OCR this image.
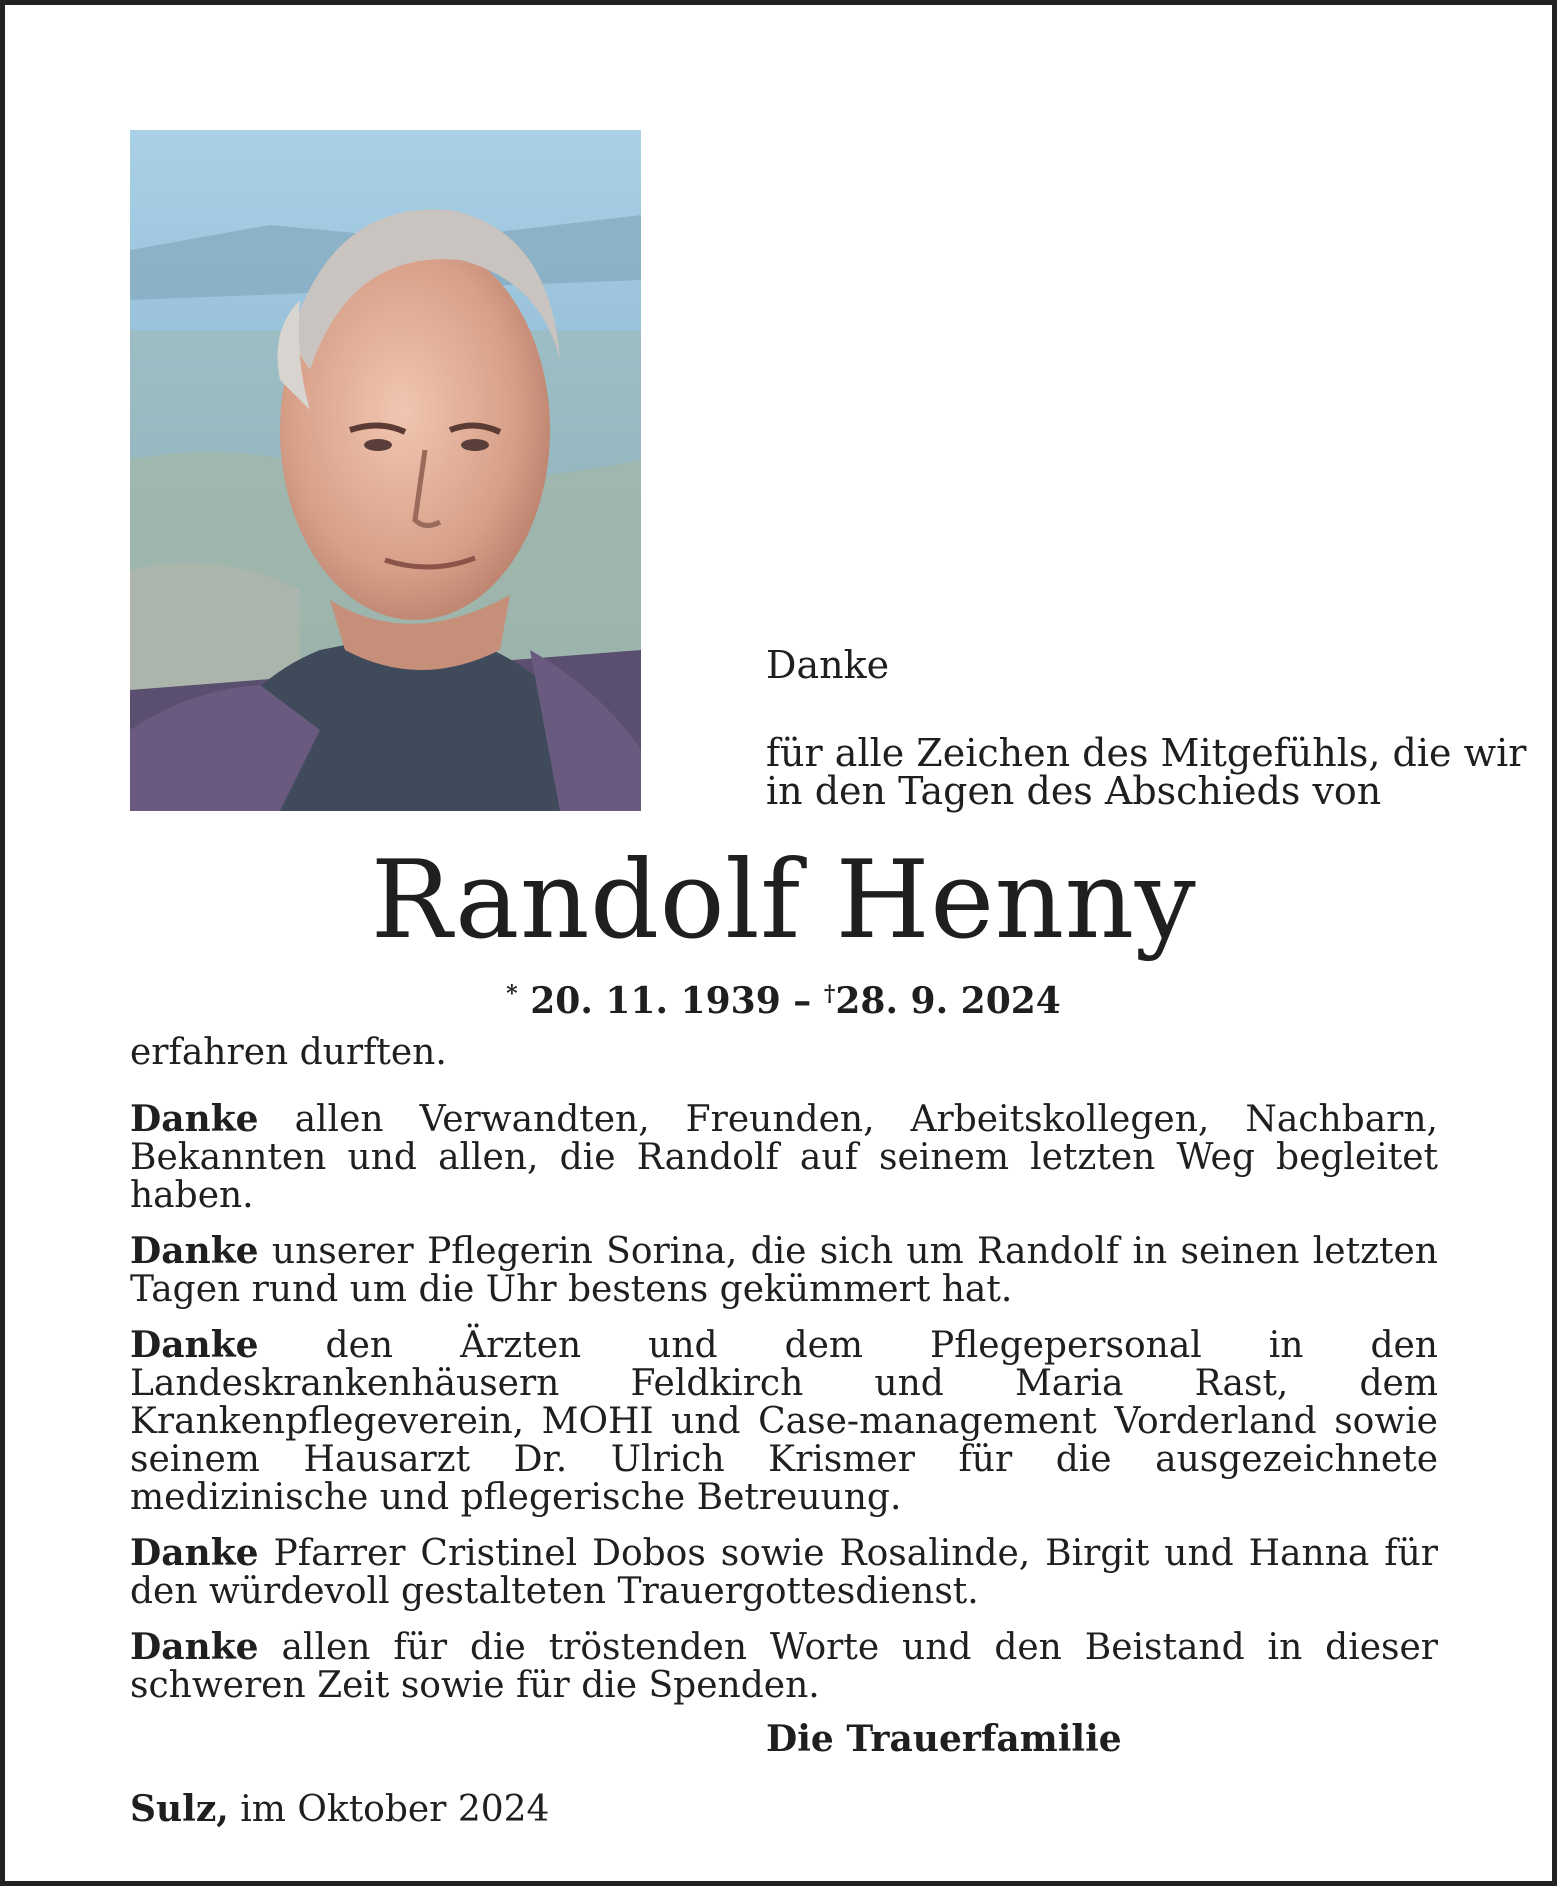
Danke
für alle Zeichen des Mitgefühls, die wir
in den Tagen des Abschieds von
Randolf Henny
* 20. 11. 1939 – †28. 9. 2024

erfahren durften.

Danke allen Verwandten, Freunden, Arbeitskollegen, Nachbarn, Bekannten und allen, die Randolf auf seinem letzten Weg begleitet haben.

Danke unserer Pflegerin Sorina, die sich um Randolf in seinen letzten Tagen rund um die Uhr bestens gekümmert hat.

Danke den Ärzten und dem Pflegepersonal in den Landeskrankenhäusern Feldkirch und Maria Rast, dem Krankenpflegeverein, MOHI und Case-management Vorderland sowie seinem Hausarzt Dr. Ulrich Krismer für die ausgezeichnete medizinische und pflegerische Betreuung.

Danke Pfarrer Cristinel Dobos sowie Rosalinde, Birgit und Hanna für den würdevoll gestalteten Trauergottesdienst.

Danke allen für die tröstenden Worte und den Beistand in dieser schweren Zeit sowie für die Spenden.

Die Trauerfamilie
Sulz, im Oktober 2024
